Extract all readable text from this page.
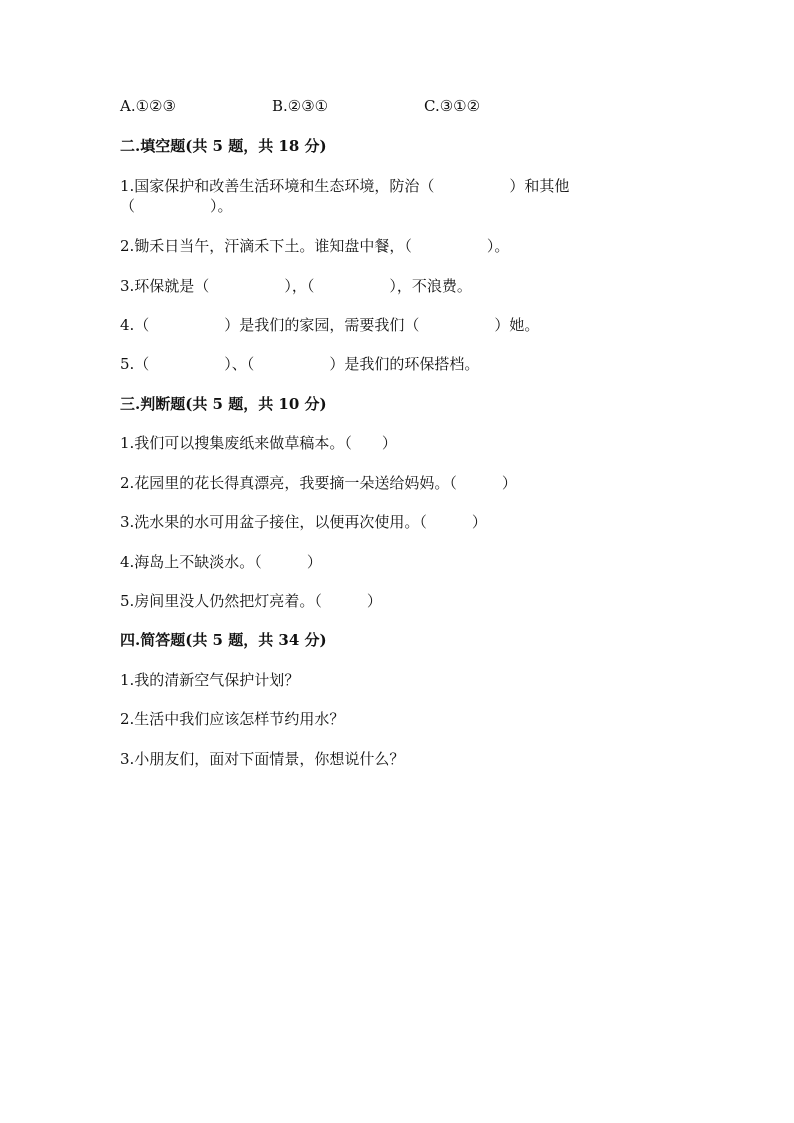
A.①②③	B.②③①	C.③①②
二.填空题(共 5 题，共 18 分)
1.国家保护和改善生活环境和生态环境，防治（　　　　　）和其他
（　　　　　）。
2.锄禾日当午，汗滴禾下土。谁知盘中餐，（　　　　　）。
3.环保就是（　　　　　），（　　　　　），不浪费。
4.（　　　　　）是我们的家园，需要我们（　　　　　）她。
5.（　　　　　）、（　　　　　）是我们的环保搭档。
三.判断题(共 5 题，共 10 分)
1.我们可以搜集废纸来做草稿本。（　　）
2.花园里的花长得真漂亮，我要摘一朵送给妈妈。（　　　）
3.洗水果的水可用盆子接住，以便再次使用。（　　　）
4.海岛上不缺淡水。（　　　）
5.房间里没人仍然把灯亮着。（　　　）
四.简答题(共 5 题，共 34 分)
1.我的清新空气保护计划？
2.生活中我们应该怎样节约用水？
3.小朋友们，面对下面情景，你想说什么？
